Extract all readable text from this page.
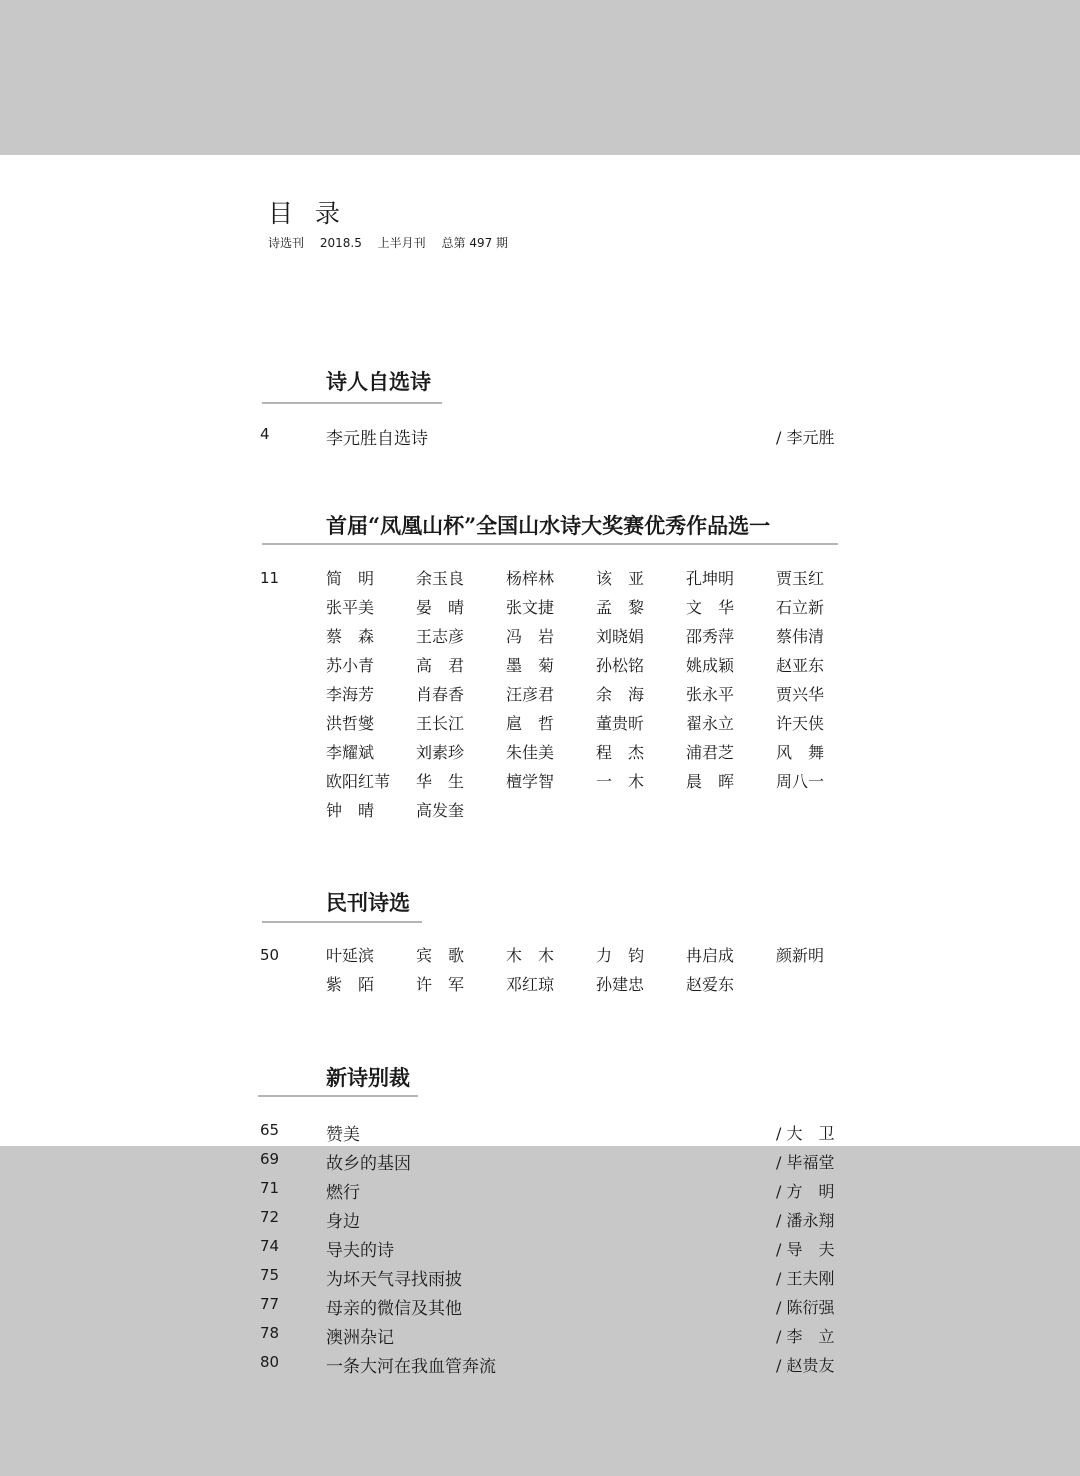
目录
诗选刊 2018.5 上半月刊 总第 497 期
诗人自选诗
4	李元胜自选诗	/ 李元胜
首届“凤凰山杯”全国山水诗大奖赛优秀作品选一
11	简　明	余玉良	杨梓林	该　亚	孔坤明	贾玉红
张平美	晏　晴	张文捷	孟　黎	文　华	石立新
蔡　森	王志彦	冯　岩	刘晓娟	邵秀萍	蔡伟清
苏小青	高　君	墨　菊	孙松铭	姚成颖	赵亚东
李海芳	肖春香	汪彦君	余　海	张永平	贾兴华
洪哲燮	王长江	扈　哲	董贵昕	翟永立	许天侠
李耀斌	刘素珍	朱佳美	程　杰	浦君芝	风　舞
欧阳红苇	华　生	檀学智	一　木	晨　晖	周八一
钟　晴	高发奎
民刊诗选
50	叶延滨	宾　歌	木　木	力　钧	冉启成	颜新明
紫　陌	许　军	邓红琼	孙建忠	赵爱东
新诗别裁
65	赞美	/ 大　卫
69	故乡的基因	/ 毕福堂
71	燃行	/ 方　明
72	身边	/ 潘永翔
74	导夫的诗	/ 导　夫
75	为坏天气寻找雨披	/ 王夫刚
77	母亲的微信及其他	/ 陈衍强
78	澳洲杂记	/ 李　立
80	一条大河在我血管奔流	/ 赵贵友
